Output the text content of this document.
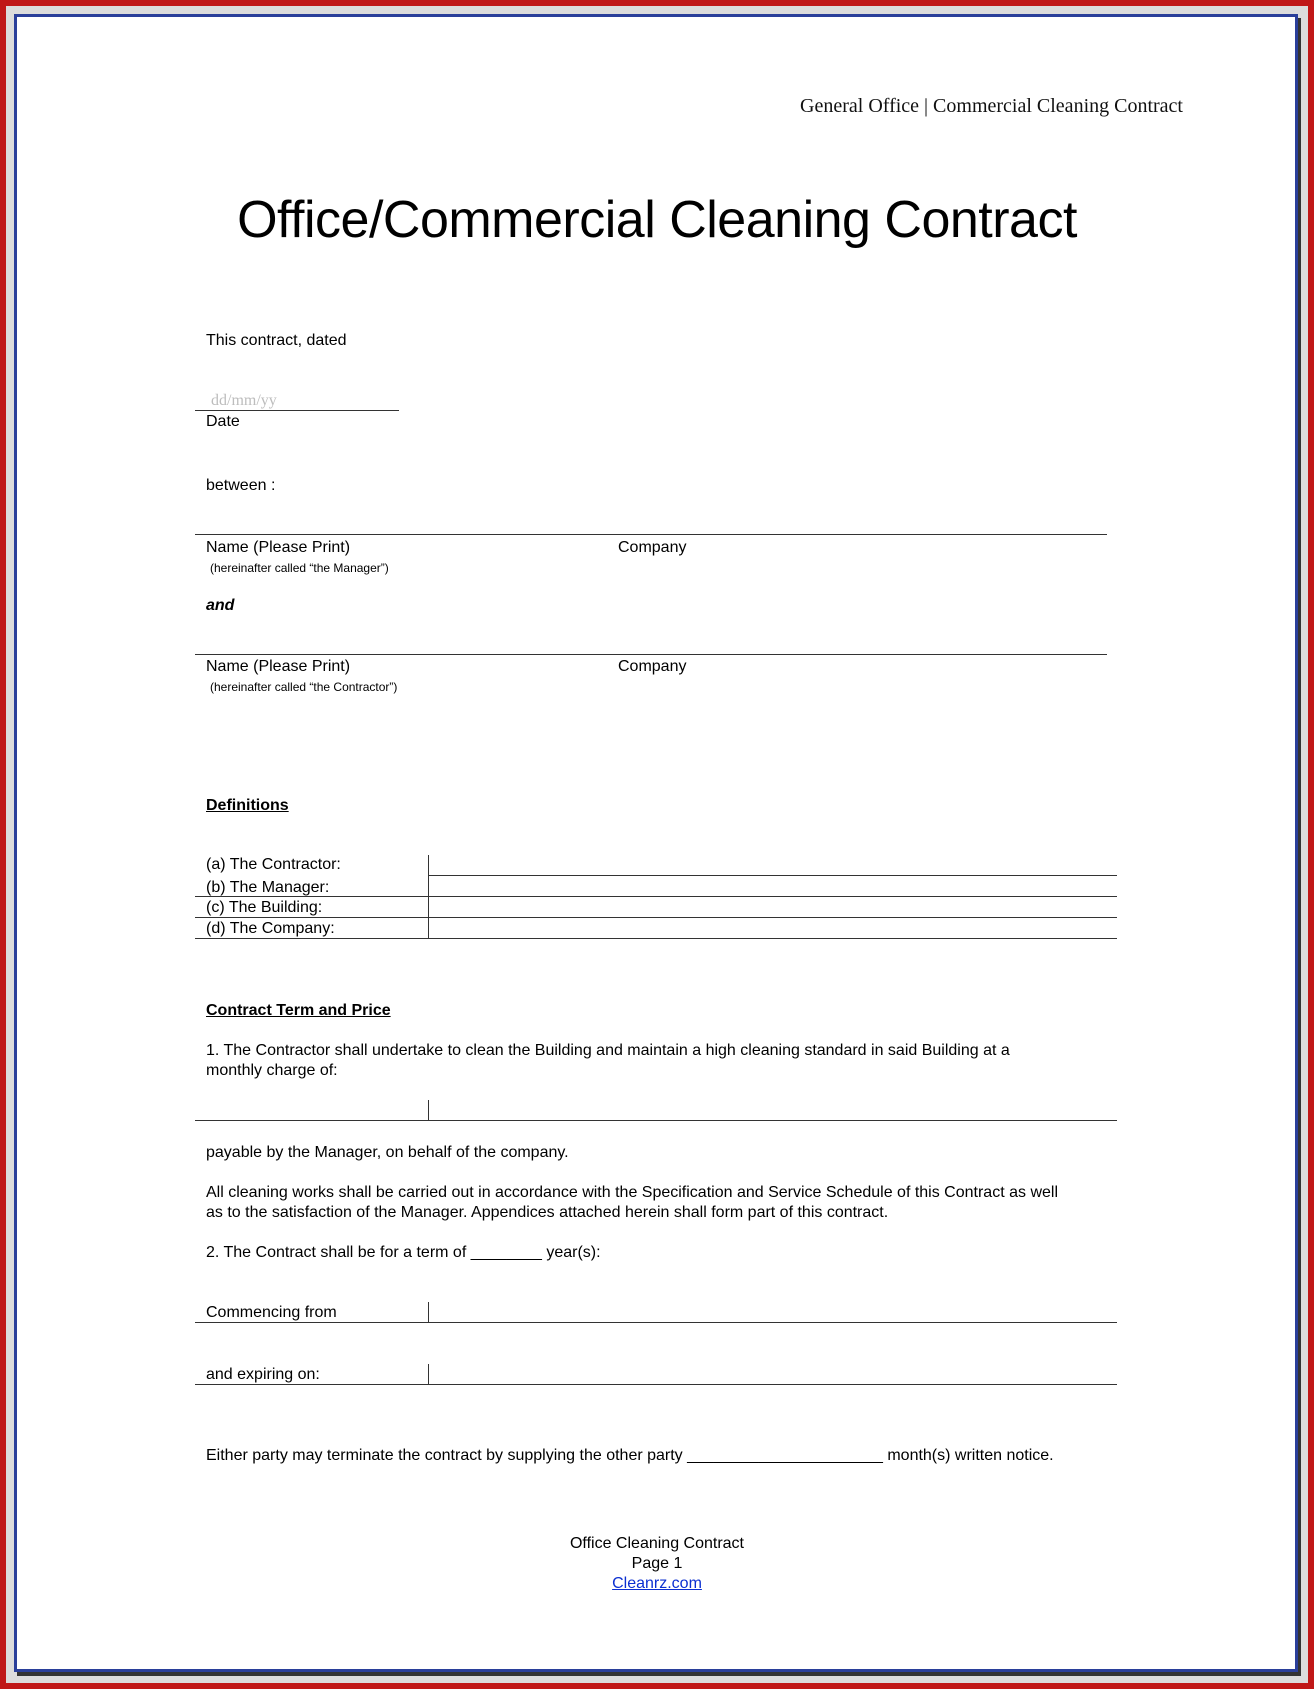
General Office | Commercial Cleaning Contract
Office/Commercial Cleaning Contract
This contract, dated
dd/mm/yy
Date
between :
Name (Please Print)	Company
(hereinafter called “the Manager”)
and
Name (Please Print)	Company
(hereinafter called “the Contractor”)
Definitions
(a) The Contractor:
(b) The Manager:
(c) The Building:
(d) The Company:
Contract Term and Price
1. The Contractor shall undertake to clean the Building and maintain a high cleaning standard in said Building at a
monthly charge of:
payable by the Manager, on behalf of the company.
All cleaning works shall be carried out in accordance with the Specification and Service Schedule of this Contract as well
as to the satisfaction of the Manager. Appendices attached herein shall form part of this contract.
2. The Contract shall be for a term of ________ year(s):
Commencing from
and expiring on:
Either party may terminate the contract by supplying the other party ______________________ month(s) written notice.
Office Cleaning Contract
Page 1
Cleanrz.com
